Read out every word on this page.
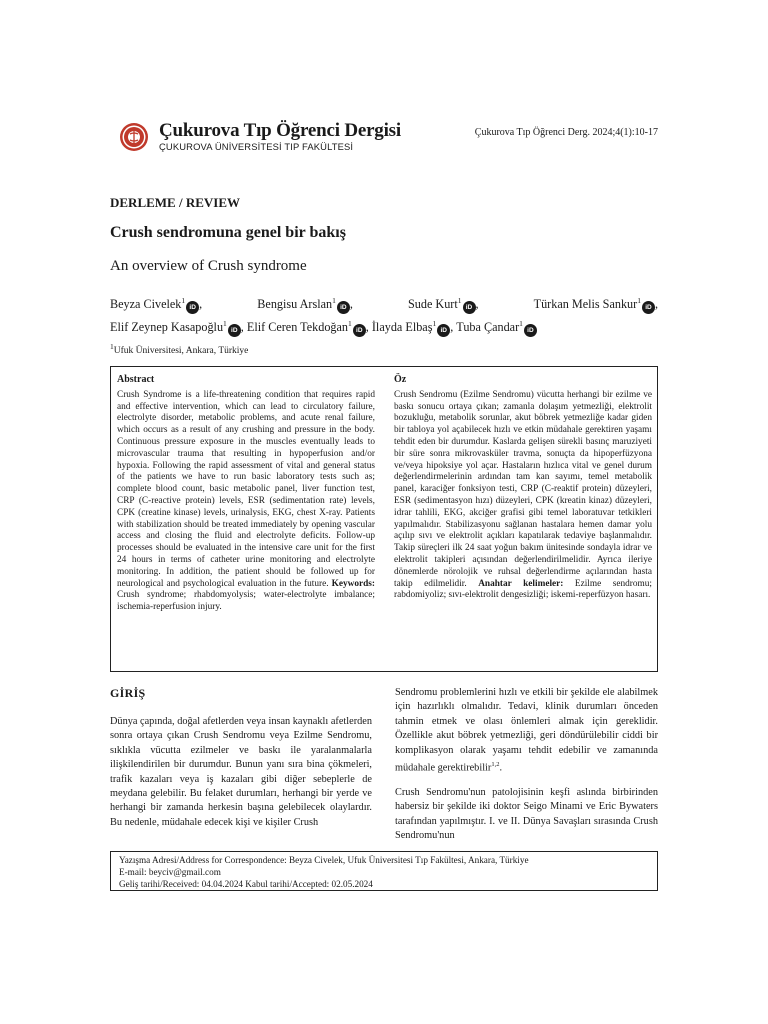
Çukurova Tıp Öğrenci Dergisi
ÇUKUROVA ÜNİVERSİTESİ TIP FAKÜLTESİ
Çukurova Tıp Öğrenci Derg. 2024;4(1):10-17
DERLEME / REVIEW
Crush sendromuna genel bir bakış
An overview of Crush syndrome
Beyza Civelek$^1$iD ,	Bengisu Arslan$^1$iD ,	Sude Kurt$^1$iD ,	Türkan Melis Sankur$^1$iD ,
Elif Zeynep Kasapoğlu$^1$iD , Elif Ceren Tekdoğan$^1$iD , İlayda Elbaş$^1$iD , Tuba Çandar$^1$iD
$^1$Ufuk Üniversitesi, Ankara, Türkiye
Abstract
Crush Syndrome is a life-threatening condition that requires rapid and effective intervention, which can lead to circulatory failure, electrolyte disorder, metabolic problems, and acute renal failure, which occurs as a result of any crushing and pressure in the body. Continuous pressure exposure in the muscles eventually leads to microvascular trauma that resulting in hypoperfusion and/or hypoxia. Following the rapid assessment of vital and general status of the patients we have to run basic laboratory tests such as; complete blood count, basic metabolic panel, liver function test, CRP (C-reactive protein) levels, ESR (sedimentation rate) levels, CPK (creatine kinase) levels, urinalysis, EKG, chest X-ray. Patients with stabilization should be treated immediately by opening vascular access and closing the fluid and electrolyte deficits. Follow-up processes should be evaluated in the intensive care unit for the first 24 hours in terms of catheter urine monitoring and electrolyte monitoring. In addition, the patient should be followed up for neurological and psychological evaluation in the future. Keywords: Crush syndrome; rhabdomyolysis; water-electrolyte imbalance; ischemia-reperfusion injury.
Öz
Crush Sendromu (Ezilme Sendromu) vücutta herhangi bir ezilme ve baskı sonucu ortaya çıkan; zamanla dolaşım yetmezliği, elektrolit bozukluğu, metabolik sorunlar, akut böbrek yetmezliğe kadar giden bir tabloya yol açabilecek hızlı ve etkin müdahale gerektiren yaşamı tehdit eden bir durumdur. Kaslarda gelişen sürekli basınç maruziyeti bir süre sonra mikrovasküler travma, sonuçta da hipoperfüzyona ve/veya hipoksiye yol açar. Hastaların hızlıca vital ve genel durum değerlendirmelerinin ardından tam kan sayımı, temel metabolik panel, karaciğer fonksiyon testi, CRP (C-reaktif protein) düzeyleri, ESR (sedimentasyon hızı) düzeyleri, CPK (kreatin kinaz) düzeyleri, idrar tahlili, EKG, akciğer grafisi gibi temel laboratuvar tetkikleri yapılmalıdır. Stabilizasyonu sağlanan hastalara hemen damar yolu açılıp sıvı ve elektrolit açıkları kapatılarak tedaviye başlanmalıdır. Takip süreçleri ilk 24 saat yoğun bakım ünitesinde sondayla idrar ve elektrolit takipleri açısından değerlendirilmelidir. Ayrıca ileriye dönemlerde nörolojik ve ruhsal değerlendirme açılarından hasta takip edilmelidir. Anahtar kelimeler: Ezilme sendromu; rabdomiyoliz; sıvı-elektrolit dengesizliği; iskemi-reperfüzyon hasarı.
GİRİŞ

Dünya çapında, doğal afetlerden veya insan kaynaklı afetlerden sonra ortaya çıkan Crush Sendromu veya Ezilme Sendromu, sıklıkla vücutta ezilmeler ve baskı ile yaralanmalarla ilişkilendirilen bir durumdur. Bunun yanı sıra bina çökmeleri, trafik kazaları veya iş kazaları gibi diğer sebeplerle de meydana gelebilir. Bu felaket durumları, herhangi bir yerde ve herhangi bir zamanda herkesin başına gelebilecek olaylardır. Bu nedenle, müdahale edecek kişi ve kişiler Crush

Sendromu problemlerini hızlı ve etkili bir şekilde ele alabilmek için hazırlıklı olmalıdır. Tedavi, klinik durumları önceden tahmin etmek ve olası önlemleri almak için gereklidir. Özellikle akut böbrek yetmezliği, geri döndürülebilir ciddi bir komplikasyon olarak yaşamı tehdit edebilir ve zamanında müdahale gerektirebilir$^{1,2}$.

Crush Sendromu'nun patolojisinin keşfi aslında birbirinden habersiz bir şekilde iki doktor Seigo Minami ve Eric Bywaters tarafından yapılmıştır. I. ve II. Dünya Savaşları sırasında Crush Sendromu'nun

Yazışma Adresi/Address for Correspondence: Beyza Civelek, Ufuk Üniversitesi Tıp Fakültesi, Ankara, Türkiye
E-mail: beyciv@gmail.com
Geliş tarihi/Received: 04.04.2024 Kabul tarihi/Accepted: 02.05.2024
